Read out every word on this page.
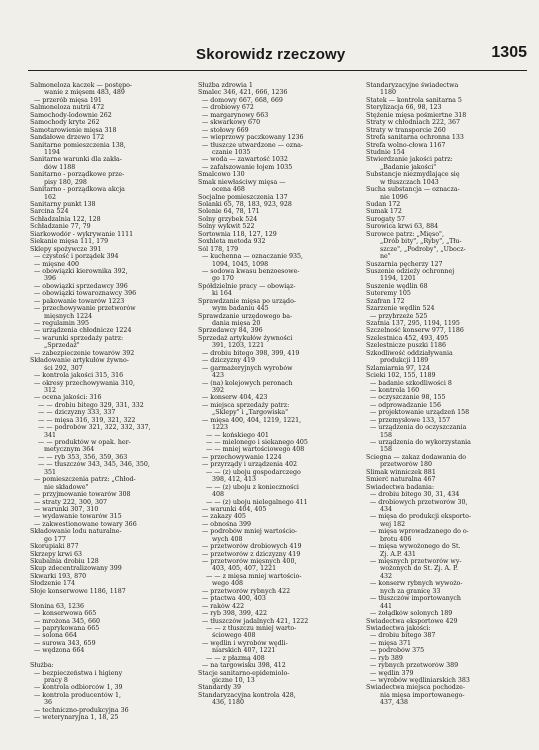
Skorowidz rzeczowy	1305
Salmoneloza kaczek — postępo-
wanie z mięsem 483, 489
— przerób mięsa 191
Salmoneloza nutrii 472
Samochody-lodownie 262
Samochody kryte 262
Samotarowienie mięsa 318
Sandałowe drzewo 172
Sanitarne pomieszczenia 138,
1194
Sanitarne warunki dla zakła-
dów 1188
Sanitarno - porządkowe prze-
pisy 180, 298
Sanitarno - porządkowa akcja
162
Sanitarny punkt 138
Sarcina 524
Schładzalnia 122, 128
Schładzanie 77, 79
Siarkowodór - wykrywanie 1111
Siekanie mięsa 111, 179
Sklepy spożywcze 391
— czystość i porządek 394
— mięsne 400
— obowiązki kierownika 392,
396
— obowiązki sprzedawcy 396
— obowiązki towaroznawcy 396
— pakowanie towarów 1223
— przechowywanie przetworów
mięsnych 1224
— regulamin 395
— urządzenia chłodnicze 1224
— warunki sprzedaży patrz:
„Sprzedaż"
— zabezpieczenie towarów 392
Składowanie artykułów żywno-
ści 292, 307
— kontrola jakości 315, 316
— okresy przechowywania 310,
312
— ocena jakości: 316
— — drobiu bitego 329, 331, 332
— — dziczyzny 333, 337
— — mięsa 316, 319, 321, 322
— — podrobów 321, 322, 332, 337,
341
— — produktów w opak. her-
metycznym 364
— — ryb 353, 356, 359, 363
— — tłuszczów 343, 345, 346, 350,
351
— pomieszczenia patrz: „Chłod-
nie składowe"
— przyjmowanie towarów 308
— straty 222, 300, 307
— warunki 307, 310
— wydawanie towarów 315
— zakwestionowane towary 366
Składowanie lodu naturalne-
go 177
Skorupiaki 877
Skrzepy krwi 63
Skubalnia drobiu 128
Skup zdecentralizowany 399
Skwarki 193, 870
Słodzenie 174
Słoje konserwowe 1186, 1187
Słonina 63, 1236
— konserwowa 665
— mrożona 345, 660
— paprykowana 665
— solona 664
— surowa 343, 659
— wędzona 664
Służba:
— bezpieczeństwa i higieny
pracy 8
— kontrola odbiorców 1, 39
— kontrola producentów 1,
36
— techniczno-produkcyjna 36
— weterynaryjna 1, 18, 25
Służba zdrowia 1
Smalec 346, 421, 666, 1236
— domowy 667, 668, 669
— drobiowy 672
— margarynowy 663
— skwarkowy 670
— stołowy 669
— wieprzowy paczkowany 1236
— tłuszcze utwardzone — ozna-
czanie 1035
— woda — zawartość 1032
— zafałszowanie łojem 1035
Smalcowo 130
Smak niewłaściwy mięsa —
ocena 468
Socjalne pomieszczenia 137
Solanki 65, 78, 183, 923, 928
Solenie 64, 78, 171
Solny grzybek 524
Solny wykwit 522
Sortownia 118, 127, 129
Soxhleta metoda 932
Sól 178, 179
— kuchenna — oznaczanie 935,
1094, 1045, 1098
— sodowa kwasu benzoesowe-
go 170
Spółdzielnie pracy — obowiąz-
ki 164
Sprawdzanie mięsa po urządo-
wym badaniu 445
Sprawdzanie urzędowego ba-
dania mięsa 20
Sprzedawcy 84, 396
Sprzedaż artykułów żywności
391, 1203, 1221
— drobiu bitego 398, 399, 419
— dziczyzny 419
— garmażeryjnych wyrobów
423
— (na) kolejowych peronach
392
— konserw 404, 423
— miejsca sprzedaży patrz:
„Sklepy" i „Targowiska"
— mięsa 400, 404, 1219, 1221,
1223
— — końskiego 401
— — mielonego i siekanego 405
— — mniej wartościowego 408
— przechowywanie 1224
— przyrządy i urządzenia 402
— — (z) ubоju gospodarczego
398, 412, 413
— — (z) ubоju z konieczności
408
— — (z) ubоju nielegalnego 411
— warunki 404, 405
— zakazy 405
— obnośna 399
— podrobów mniej wartościo-
wych 408
— przetworów drobiowych 419
— przetworów z dziczyzny 419
— przetworów mięsnych 400,
403, 405, 407, 1221
— — z mięsa mniej wartościo-
wego 408
— przetworów rybnych 422
— ptactwa 400, 403
— raków 422
— ryb 398, 399, 422
— tłuszczów jadalnych 421, 1222
— — z tłuszczu mniej warto-
ściowego 408
— wędlin i wyrobów wędli-
niarskich 407, 1221
— — z płazmą 408
— na targowisku 398, 412
Stacje sanitarno-epidemiolo-
giczne 10, 13
Standardy 39
Standaryzacyjna kontrola 428,
436, 1180
Standaryzacyjne świadectwa
1180
Statek — kontrola sanitarna 5
Sterylizacja 66, 98, 123
Stężenie mięsa pośmiertne 318
Straty w chłodniach 222, 367
Straty w transporcie 260
Strefa sanitarna ochronna 133
Strefa wolno-cłowa 1167
Studnie 154
Stwierdzanie jakości patrz:
„Badanie jakości"
Substancje niezmydlające się
w tłuszczach 1043
Sucha substancja — oznacza-
nie 1096
Sudan 172
Sumak 172
Surogaty 57
Surowica krwi 63, 884
Surowce patrz: „Mięso",
„Drób bity", „Ryby", „Tłu-
szcze", „Podroby", „Ubocz-
ne"
Suszarnia pęcherzy 127
Suszenie odzieży ochronnej
1194, 1201
Suszenie wędlin 68
Suteremy 105
Szafran 172
Szarzenie wędlin 524
— przybrzeże 525
Szatnia 137, 295, 1194, 1195
Szczelność konserw 977, 1186
Szelestnica 452, 493, 495
Szelestnicze puszki 1186
Szkodliwość oddziaływania
produkcji 1189
Szlamiarnia 97, 124
Ścieki 102, 155, 1189
— badanie szkodliwości 8
— kontrola 160
— oczyszczanie 98, 155
— odprowadzanie 156
— projektowanie urządzeń 158
— przemysłowe 133, 157
— urządzenia do oczyszczania
158
— urządzenia do wykorzystania
158
Ściegna — zakaz dodawania do
przetworów 180
Ślimak winniczek 881
Śmierć naturalna 467
Świadectwa badania:
— drobiu bitego 30, 31, 434
— drobiowych przetworów 30,
434
— mięsa do produkcji eksporto-
wej 182
— mięsa wprowadzanego do o-
brotu 406
— mięsa wywożonego do St.
Zj. A.P. 431
— mięsnych przetworów wy-
wożonych do St. Zj. A. P.
432
— konserw rybnych wywożo-
nych za granicę 33
— tłuszczów importowanych
441
— żołądków solonych 189
Świadectwa eksportowe 429
Świadectwa jakości:
— drobiu bitego 387
— mięsa 371
— podrobów 375
— ryb 389
— rybnych przetworów 389
— wędlin 379
— wyrobów wędliniarskich 383
Świadectwa miejsca pochodze-
nia mięsa importowanego-
437, 438
